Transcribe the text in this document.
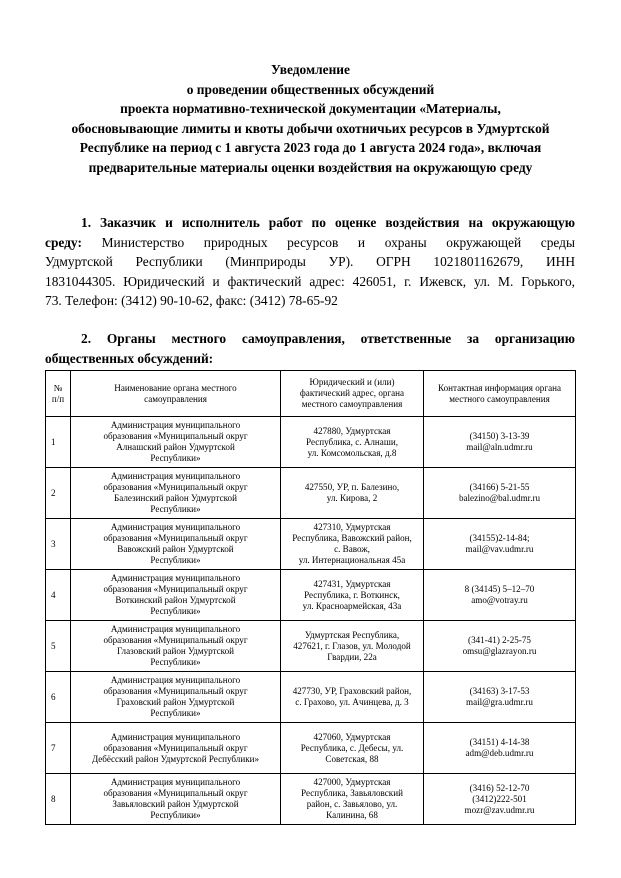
Уведомление
о проведении общественных обсуждений
проекта нормативно-технической документации «Материалы,
обосновывающие лимиты и квоты добычи охотничьих ресурсов в Удмуртской
Республике на период с 1 августа 2023 года до 1 августа 2024 года», включая
предварительные материалы оценки воздействия на окружающую среду
1. Заказчик и исполнитель работ по оценке воздействия на окружающую
среду: Министерство природных ресурсов и охраны окружающей среды
Удмуртской Республики (Минприроды УР). ОГРН 1021801162679, ИНН
1831044305. Юридический и фактический адрес: 426051, г. Ижевск, ул. М. Горького,
73. Телефон: (3412) 90-10-62, факс: (3412) 78-65-92
2. Органы местного самоуправления, ответственные за организацию
общественных обсуждений:
№
п/п	Наименование органа местного
самоуправления	Юридический и (или)
фактический адрес, органа
местного самоуправления	Контактная информация органа
местного самоуправления

1	Администрация муниципального
образования «Муниципальный округ
Алнашский район Удмуртской
Республики»	427880, Удмуртская
Республика, с. Алнаши,
ул. Комсомольская, д.8	(34150) 3-13-39
mail@aln.udmr.ru

2	Администрация муниципального
образования «Муниципальный округ
Балезинский район Удмуртской
Республики»	427550, УР, п. Балезино,
ул. Кирова, 2	(34166) 5-21-55
balezino@bal.udmr.ru

3	Администрация муниципального
образования «Муниципальный округ
Вавожский район Удмуртской
Республики»	427310, Удмуртская
Республика, Вавожский район,
с. Вавож,
ул. Интернациональная 45а	(34155)2-14-84;
mail@vav.udmr.ru

4	Администрация муниципального
образования «Муниципальный округ
Воткинский район Удмуртской
Республики»	427431, Удмуртская
Республика, г. Воткинск,
ул. Красноармейская, 43а	8 (34145) 5–12–70
amo@votray.ru

5	Администрация муниципального
образования «Муниципальный округ
Глазовский район Удмуртской
Республики»	Удмуртская Республика,
427621, г. Глазов, ул. Молодой
Гвардии, 22а	(341-41) 2-25-75
omsu@glazrayon.ru

6	Администрация муниципального
образования «Муниципальный округ
Граховский район Удмуртской
Республики»	427730, УР, Граховский район,
с. Грахово, ул. Ачинцева, д. 3	(34163) 3-17-53
mail@gra.udmr.ru

7	Администрация муниципального
образования «Муниципальный округ
Дебёсский район Удмуртской Республики»	427060, Удмуртская
Республика, с. Дебесы, ул.
Советская, 88	(34151) 4-14-38
adm@deb.udmr.ru

8	Администрация муниципального
образования «Муниципальный округ
Завьяловский район Удмуртской
Республики»	427000, Удмуртская
Республика, Завьяловский
район, с. Завьялово, ул.
Калинина, 68	(3416) 52-12-70
(3412)222-501
mozr@zav.udmr.ru
